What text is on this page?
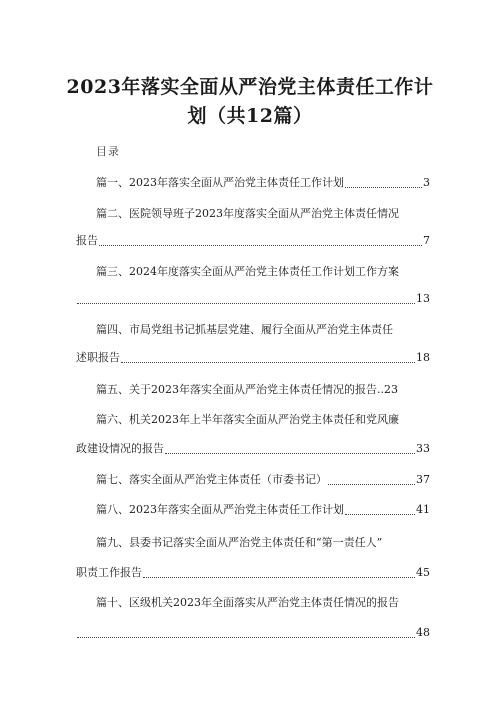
2023年落实全面从严治党主体责任工作计
划（共12篇）
目录
篇一、2023年落实全面从严治党主体责任工作计划	3
篇二、医院领导班子2023年度落实全面从严治党主体责任情况
报告	7
篇三、2024年度落实全面从严治党主体责任工作计划工作方案
13
篇四、市局党组书记抓基层党建、履行全面从严治党主体责任
述职报告	18
篇五、关于2023年落实全面从严治党主体责任情况的报告 ..23
篇六、机关2023年上半年落实全面从严治党主体责任和党风廉
政建设情况的报告	33
篇七、落实全面从严治党主体责任（市委书记）	37
篇八、2023年落实全面从严治党主体责任工作计划	41
篇九、县委书记落实全面从严治党主体责任和“第一责任人”
职责工作报告	45
篇十、区级机关2023年全面落实从严治党主体责任情况的报告
48
